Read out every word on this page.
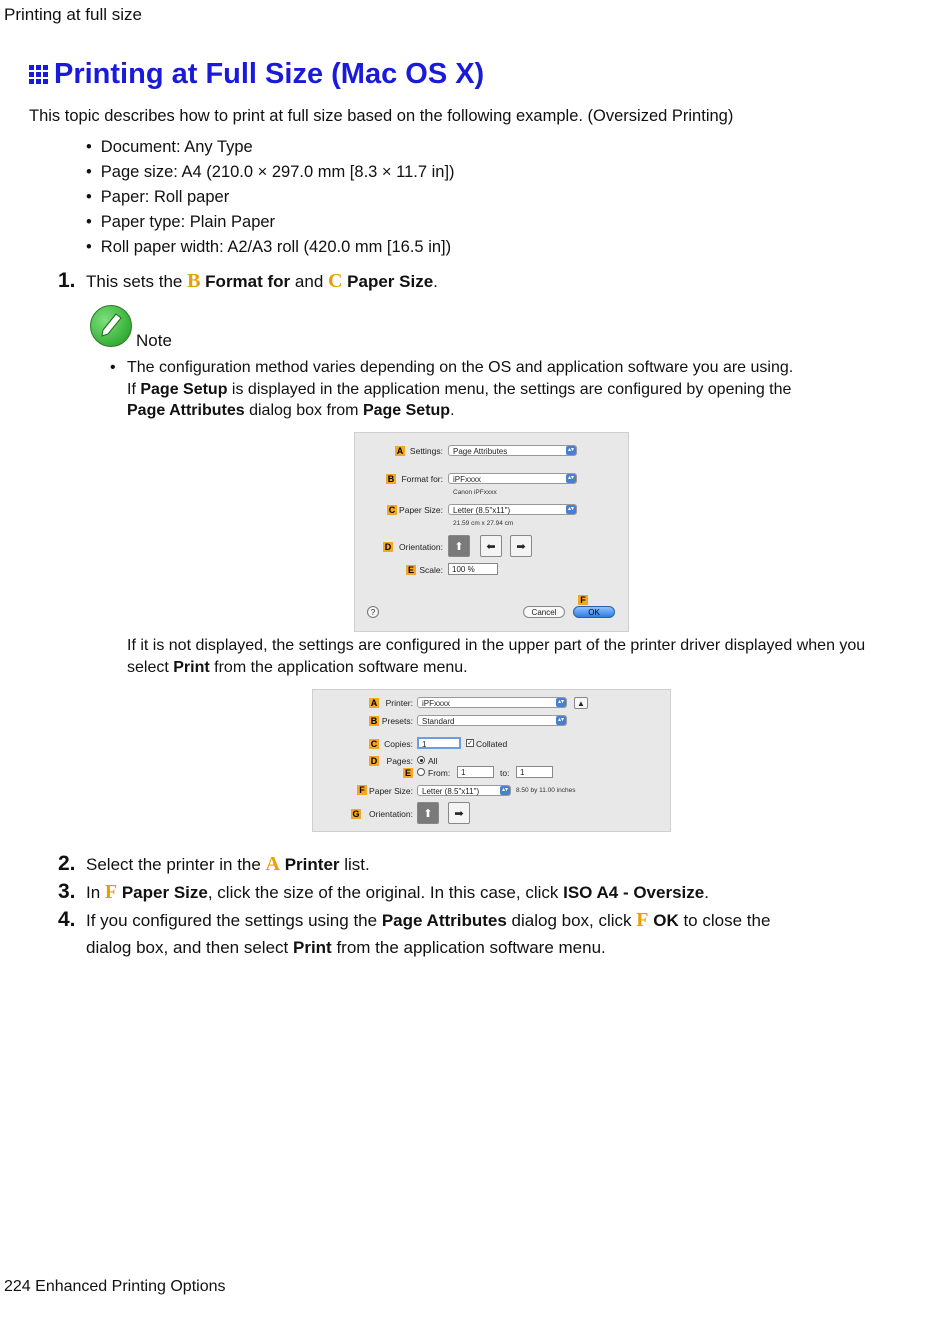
Printing at full size
Printing at Full Size (Mac OS X)
This topic describes how to print at full size based on the following example. (Oversized Printing)
• Document: Any Type
• Page size: A4 (210.0 × 297.0 mm [8.3 × 11.7 in])
• Paper: Roll paper
• Paper type: Plain Paper
• Roll paper width: A2/A3 roll (420.0 mm [16.5 in])
1. This sets the B Format for and C Paper Size.
Note
• The configuration method varies depending on the OS and application software you are using.
If Page Setup is displayed in the application menu, the settings are configured by opening the
Page Attributes dialog box from Page Setup.
A Settings:	Page Attributes	▴▾
B Format for:	iPFxxxx	▴▾
Canon iPFxxxx
C Paper Size:	Letter (8.5"x11")	▴▾
21.59 cm x 27.94 cm
D Orientation:	⬆	⬅	➡
E Scale:	100 %
?	Cancel
F
OK
If it is not displayed, the settings are configured in the upper part of the printer driver displayed when you select Print from the application software menu.
A Printer:	iPFxxxx	▴▾	▲
B Presets:	Standard	▴▾
C Copies:	1	✓ Collated
D	Pages: All
E From:	1	to:	1
F Paper Size:	Letter (8.5"x11")	▴▾	8.50 by 11.00 inches
G	Orientation: ⬆	➡
2. Select the printer in the A Printer list.
3. In F Paper Size, click the size of the original. In this case, click ISO A4 - Oversize.
4. If you configured the settings using the Page Attributes dialog box, click F OK to close the
dialog box, and then select Print from the application software menu.
224 Enhanced Printing Options
